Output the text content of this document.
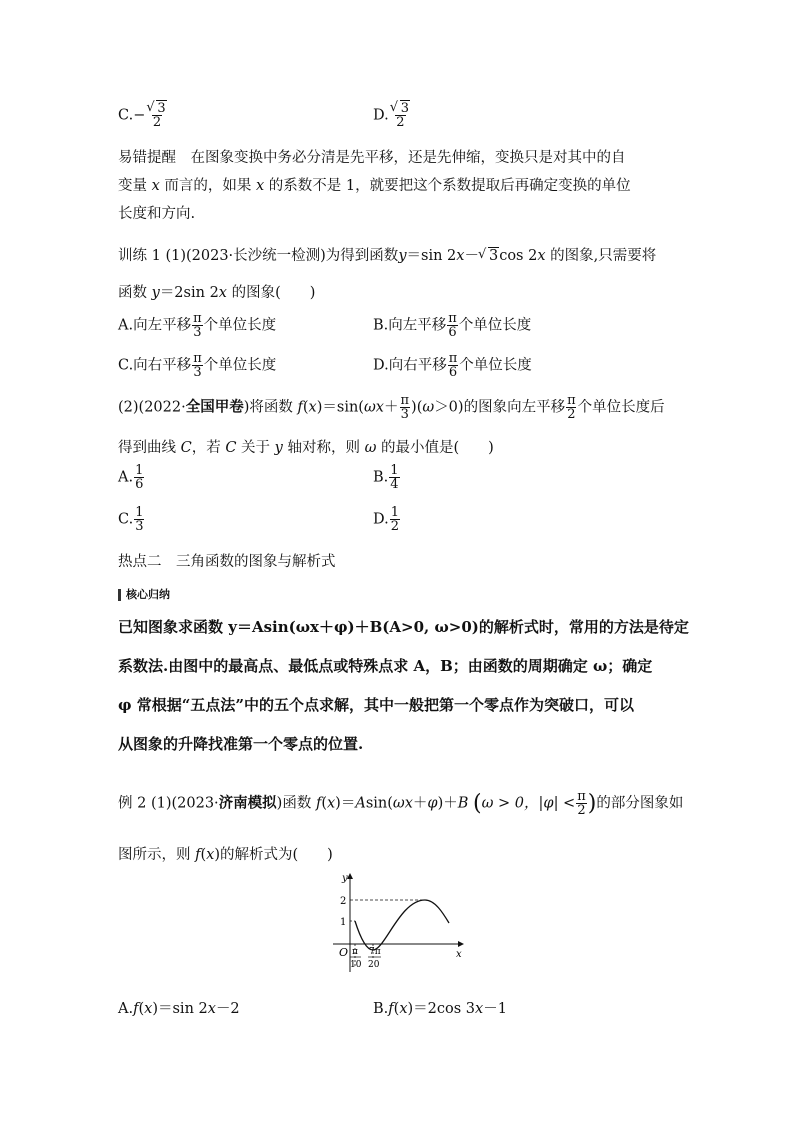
C.− √ $\frac{3}{2}$	D. √ $\frac{3}{2}$
易错提醒　在图象变换中务必分清是先平移，还是先伸缩，变换只是对其中的自
变量 x 而言的，如果 x 的系数不是 1，就要把这个系数提取后再确定变换的单位
长度和方向.
训练 1 (1)(2023·长沙统一检测)为得到函数y＝sin 2x－ √ 3cos 2x 的图象,只需要将
函数 y＝2sin 2x 的图象(　　)
A.向左平移 $\frac{\pi}{3}$ 个单位长度	B.向左平移 $\frac{\pi}{6}$ 个单位长度
C.向右平移 $\frac{\pi}{3}$ 个单位长度	D.向右平移 $\frac{\pi}{6}$ 个单位长度
(2)(2022·全国甲卷)将函数 $f(x)=\sin(\omega x+ \frac{\pi}{3} )(\omega>0)$的图象向左平移 $\frac{\pi}{2}$ 个单位长度后
得到曲线 C，若 C 关于 y 轴对称，则 ω 的最小值是(　　)
A. $\frac{1}{6}$	B. $\frac{1}{4}$
C. $\frac{1}{3}$	D. $\frac{1}{2}$
热点二　三角函数的图象与解析式
核心归纳
已知图象求函数 y＝Asin(ωx＋φ)＋B(A>0, ω>0)的解析式时，常用的方法是待定
系数法.由图中的最高点、最低点或特殊点求 A，B；由函数的周期确定 ω；确定
φ 常根据“五点法”中的五个点求解，其中一般把第一个零点作为突破口，可以
从图象的升降找准第一个零点的位置.
例 2 (1)(2023·济南模拟)函数 f(x)＝Asin(ωx＋φ)＋B (ω > 0，$|\varphi| < \frac{\pi}{2}$ )的部分图象如
图所示，则 f(x)的解析式为(　　)
y
x
O
2
1
π
10
7π
20
A.f(x)＝sin 2x－2	B.f(x)＝2cos 3x－1
